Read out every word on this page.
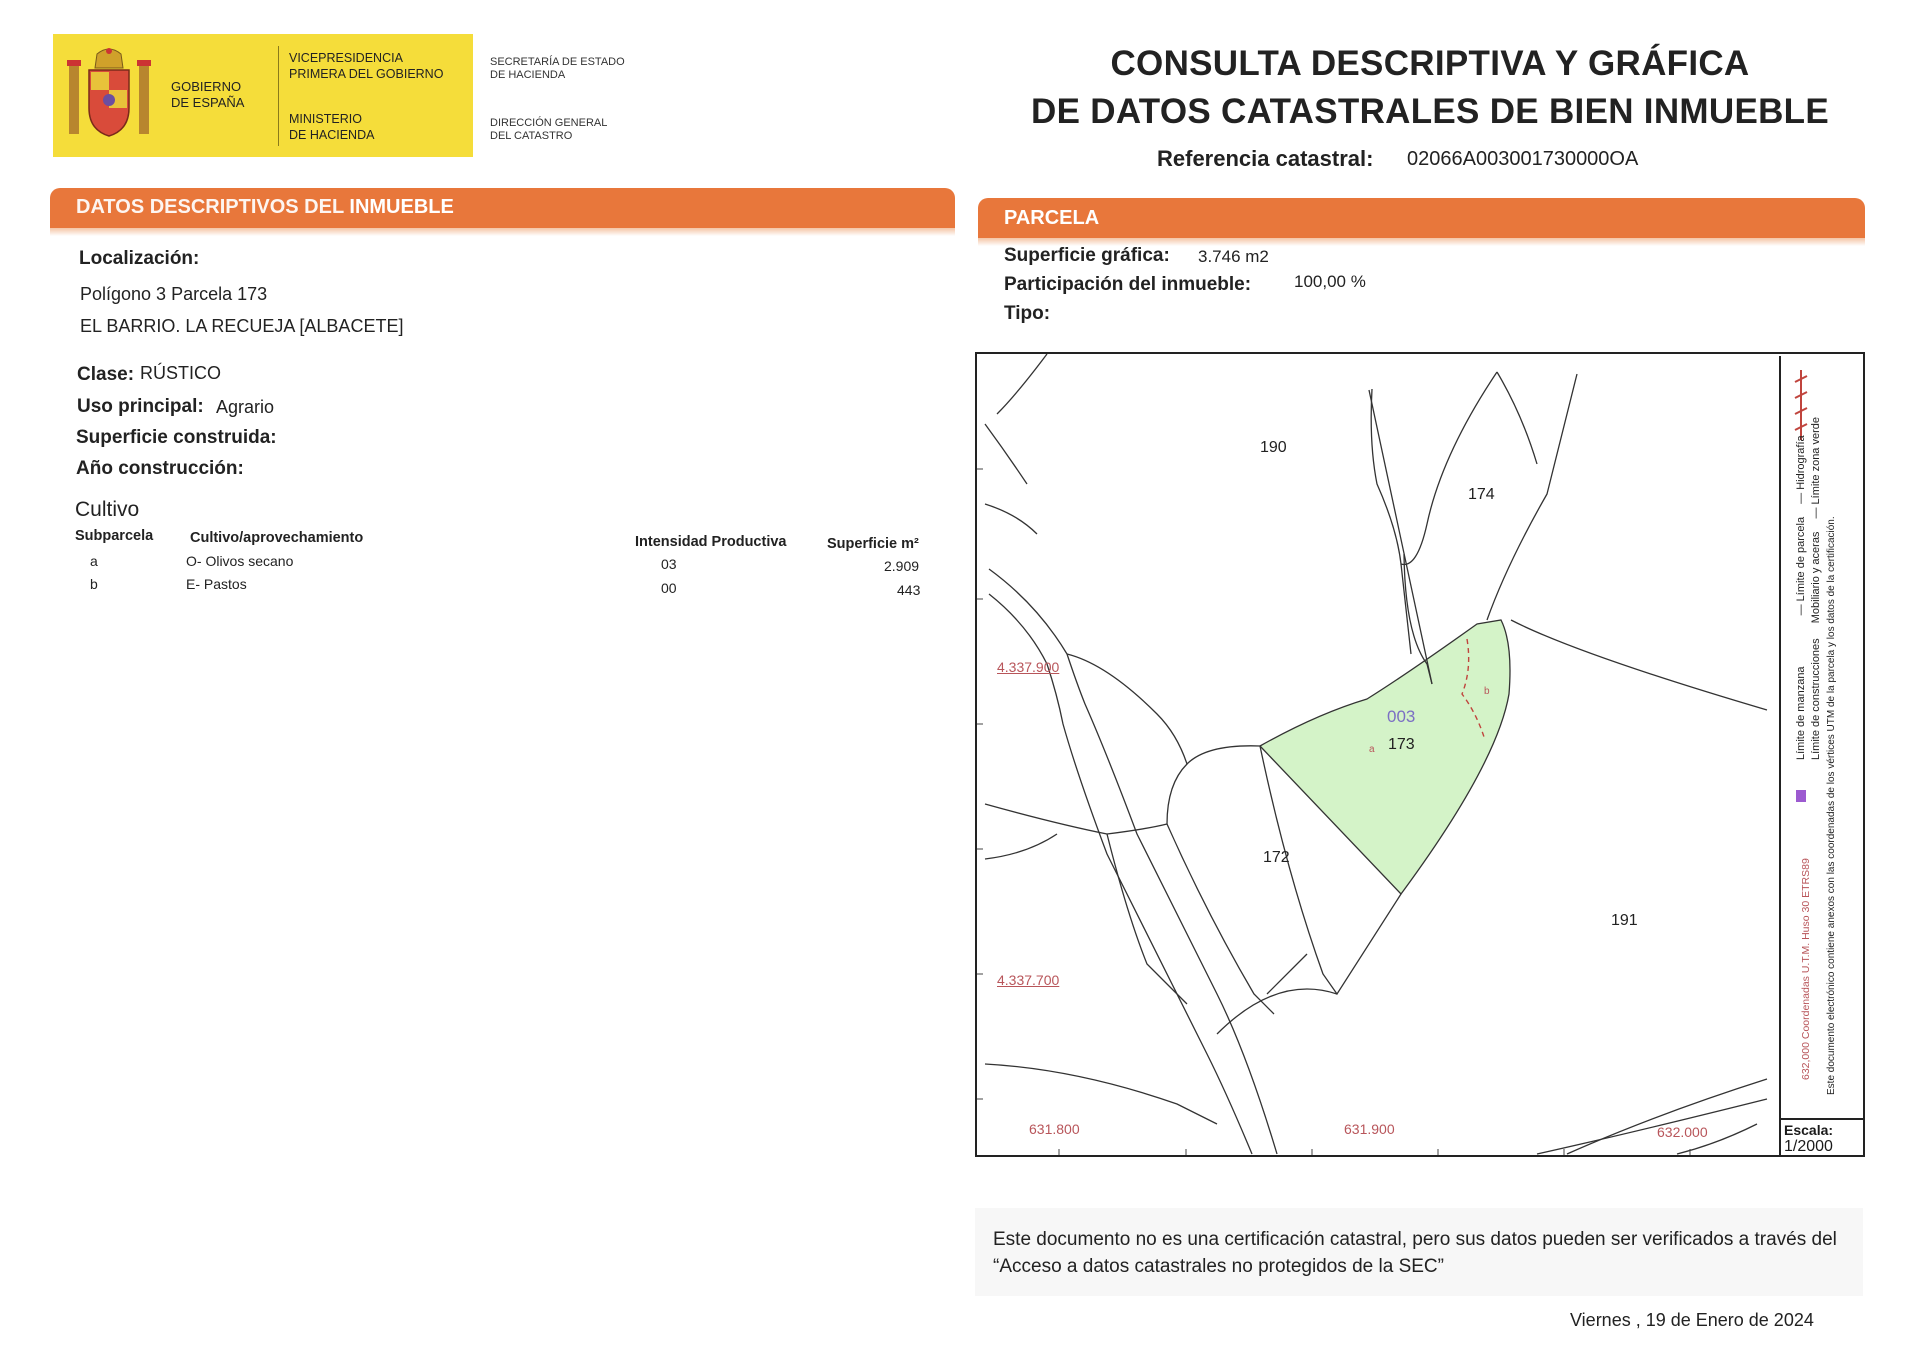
GOBIERNO
DE ESPAÑA
VICEPRESIDENCIA
PRIMERA DEL GOBIERNO
MINISTERIO
DE HACIENDA
SECRETARÍA DE ESTADO
DE HACIENDA
DIRECCIÓN GENERAL
DEL CATASTRO
CONSULTA DESCRIPTIVA Y GRÁFICA
DE DATOS CATASTRALES DE BIEN INMUEBLE
Referencia catastral: 02066A003001730000OA
DATOS DESCRIPTIVOS DEL INMUEBLE
Localización:
Polígono 3 Parcela 173
EL BARRIO. LA RECUEJA [ALBACETE]
Clase: RÚSTICO
Uso principal: Agrario
Superficie construida:
Año construcción:
Cultivo
Subparcela	Cultivo/aprovechamiento	Intensidad Productiva	Superficie m²
a	O- Olivos secano	03	2.909
b	E- Pastos	00	443
PARCELA
Superficie gráfica: 3.746 m2
Participación del inmueble:	100,00 %
Tipo:
190
174
172
191
003
173
a
b
4.337.900
4.337.700
631.800	631.900	632.000
Límite de manzana — Límite de parcela — Hidrografía
Límite de construcciones Mobiliario y aceras — Límite zona verde
632,000 Coordenadas U.T.M. Huso 30 ETRS89 Este documento electrónico contiene anexos con las coordenadas de los vértices UTM de la parcela y los datos de la certificación.
Escala:
1/2000
Este documento no es una certificación catastral, pero sus datos pueden ser verificados a través del “Acceso a datos catastrales no protegidos de la SEC”
Viernes , 19 de Enero de 2024
